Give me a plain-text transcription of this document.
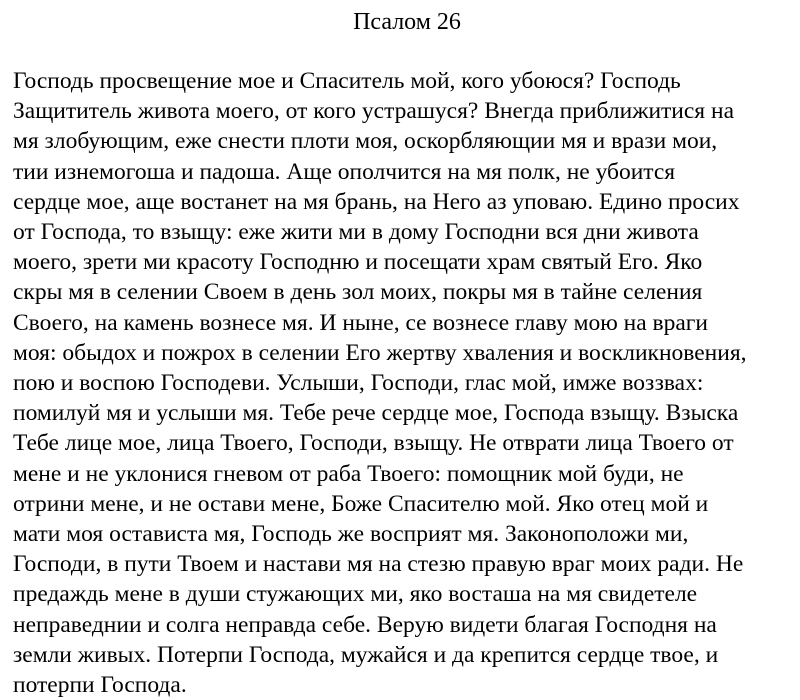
Псалом 26
Господь просвещение мое и Спаситель мой, кого убоюся? Господь
Защититель живота моего, от кого устрашуся? Внегда приближитися на
мя злобующим, еже снести плоти моя, оскорбляющии мя и врази мои,
тии изнемогоша и падоша. Аще ополчится на мя полк, не убоится
сердце мое, аще востанет на мя брань, на Него аз уповаю. Едино просих
от Господа, то взыщу: еже жити ми в дому Господни вся дни живота
моего, зрети ми красоту Господню и посещати храм святый Его. Яко
скры мя в селении Своем в день зол моих, покры мя в тайне селения
Своего, на камень вознесе мя. И ныне, се вознесе главу мою на враги
моя: обыдох и пожрох в селении Его жертву хваления и воскликновения,
пою и воспою Господеви. Услыши, Господи, глас мой, имже воззвах:
помилуй мя и услыши мя. Тебе рече сердце мое, Господа взыщу. Взыска
Тебе лице мое, лица Твоего, Господи, взыщу. Не отврати лица Твоего от
мене и не уклонися гневом от раба Твоего: помощник мой буди, не
отрини мене, и не остави мене, Боже Спасителю мой. Яко отец мой и
мати моя остависта мя, Господь же восприят мя. Законоположи ми,
Господи, в пути Твоем и настави мя на стезю правую враг моих ради. Не
предаждь мене в души стужающих ми, яко восташа на мя свидетеле
неправеднии и солга неправда себе. Верую видети благая Господня на
земли живых. Потерпи Господа, мужайся и да крепится сердце твое, и
потерпи Господа.
